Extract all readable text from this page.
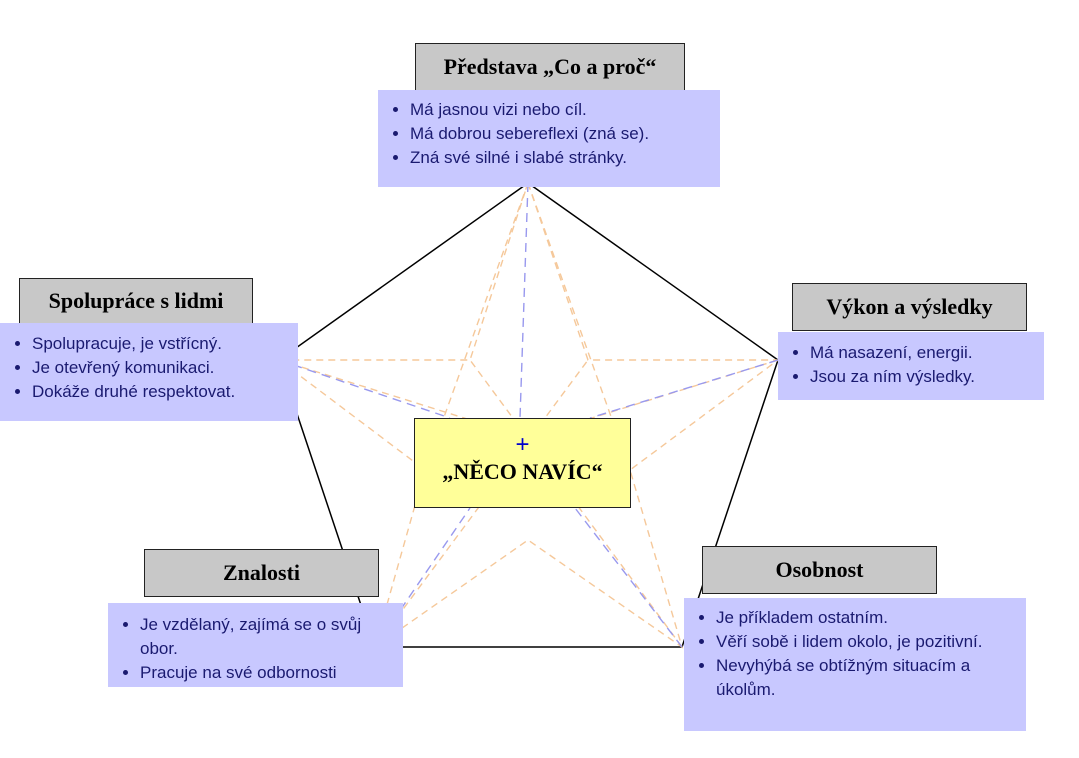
Představa „Co a proč“
• Má jasnou vizi nebo cíl.
• Má dobrou sebereflexi (zná se).
• Zná své silné i slabé stránky.
Spolupráce s lidmi
• Spolupracuje, je vstřícný.
• Je otevřený komunikaci.
• Dokáže druhé respektovat.
Výkon a výsledky
• Má nasazení, energii.
• Jsou za ním výsledky.
Znalosti
• Je vzdělaný, zajímá se o svůj obor.
• Pracuje na své odbornosti
Osobnost
• Je příkladem ostatním.
• Věří sobě i lidem okolo, je pozitivní.
• Nevyhýbá se obtížným situacím a úkolům.
+
„NĚCO NAVÍC“
